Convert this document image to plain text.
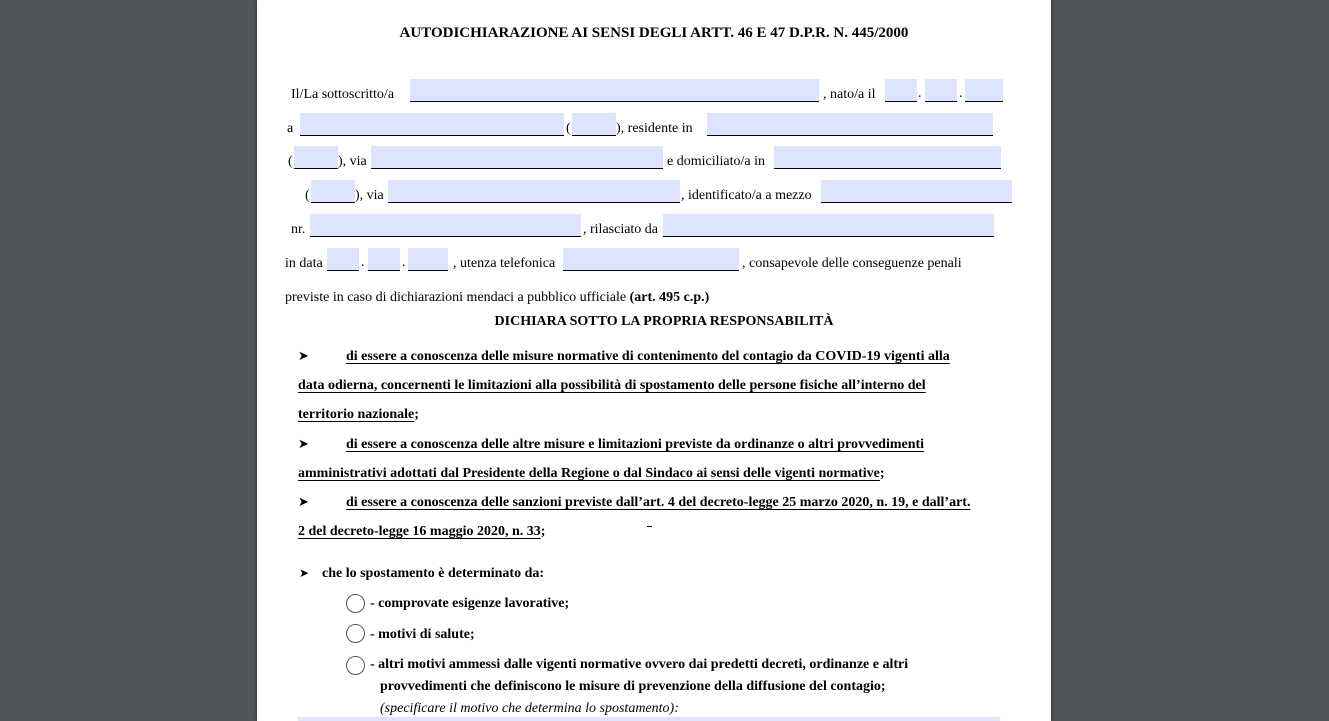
AUTODICHIARAZIONE AI SENSI DEGLI ARTT. 46 E 47 D.P.R. N. 445/2000
Il/La sottoscritto/a	, nato/a il	.	.
a	(	), residente in
(	), via	e domiciliato/a in
(	), via	, identificato/a a mezzo
nr.	, rilasciato da
in data	.	.	, utenza telefonica	, consapevole delle conseguenze penali
previste in caso di dichiarazioni mendaci a pubblico ufficiale (art. 495 c.p.)
DICHIARA SOTTO LA PROPRIA RESPONSABILITÀ
➤	di essere a conoscenza delle misure normative di contenimento del contagio da COVID-19 vigenti alla
data odierna, concernenti le limitazioni alla possibilità di spostamento delle persone fisiche all’interno del
territorio nazionale;
➤	di essere a conoscenza delle altre misure e limitazioni previste da ordinanze o altri provvedimenti
amministrativi adottati dal Presidente della Regione o dal Sindaco ai sensi delle vigenti normative;
➤	di essere a conoscenza delle sanzioni previste dall’art. 4 del decreto-legge 25 marzo 2020, n. 19, e dall’art.
2 del decreto-legge 16 maggio 2020, n. 33;
➤ che lo spostamento è determinato da:
- comprovate esigenze lavorative;
- motivi di salute;
- altri motivi ammessi dalle vigenti normative ovvero dai predetti decreti, ordinanze e altri
provvedimenti che definiscono le misure di prevenzione della diffusione del contagio;
(specificare il motivo che determina lo spostamento):
